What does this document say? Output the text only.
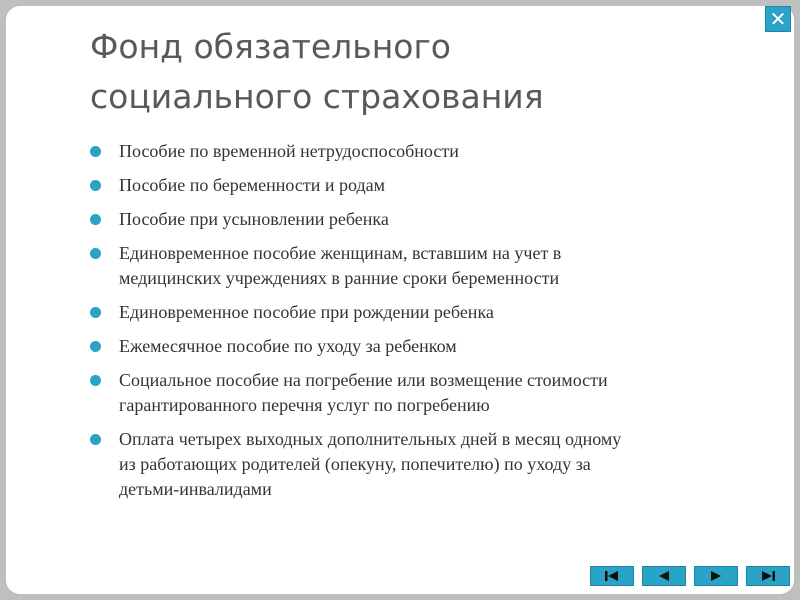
Фонд обязательного
социального страхования
Пособие по временной нетрудоспособности
Пособие по беременности и родам
Пособие при усыновлении ребенка
Единовременное пособие женщинам, вставшим на учет в
медицинских учреждениях в ранние сроки беременности
Единовременное пособие при рождении ребенка
Ежемесячное пособие по уходу за ребенком
Социальное пособие на погребение или возмещение стоимости
гарантированного перечня услуг по погребению
Оплата четырех выходных дополнительных дней в месяц одному
из работающих родителей (опекуну, попечителю) по уходу за
детьми-инвалидами
✕
